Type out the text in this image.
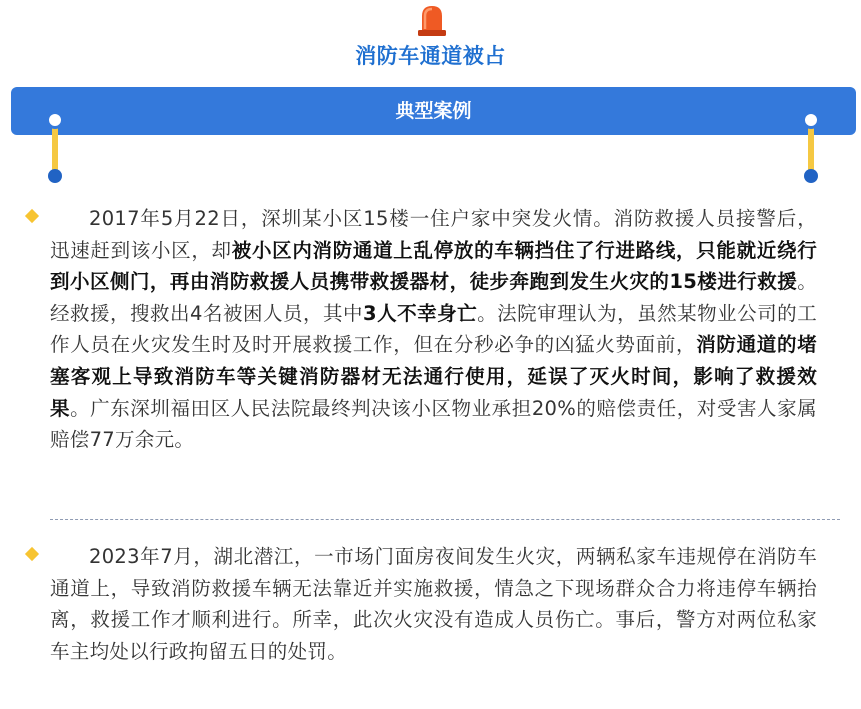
消防车通道被占
典型案例

2017年5月22日，深圳某小区15楼一住户家中突发火情。消防救援人员接警后，迅速赶到该小区，却被小区内消防通道上乱停放的车辆挡住了行进路线，只能就近绕行到小区侧门，再由消防救援人员携带救援器材，徒步奔跑到发生火灾的15楼进行救援。经救援，搜救出4名被困人员，其中3人不幸身亡。法院审理认为，虽然某物业公司的工作人员在火灾发生时及时开展救援工作，但在分秒必争的凶猛火势面前，消防通道的堵塞客观上导致消防车等关键消防器材无法通行使用，延误了灭火时间，影响了救援效果。广东深圳福田区人民法院最终判决该小区物业承担20%的赔偿责任，对受害人家属赔偿77万余元。

2023年7月，湖北潜江，一市场门面房夜间发生火灾，两辆私家车违规停在消防车通道上，导致消防救援车辆无法靠近并实施救援，情急之下现场群众合力将违停车辆抬离，救援工作才顺利进行。所幸，此次火灾没有造成人员伤亡。事后，警方对两位私家车主均处以行政拘留五日的处罚。
